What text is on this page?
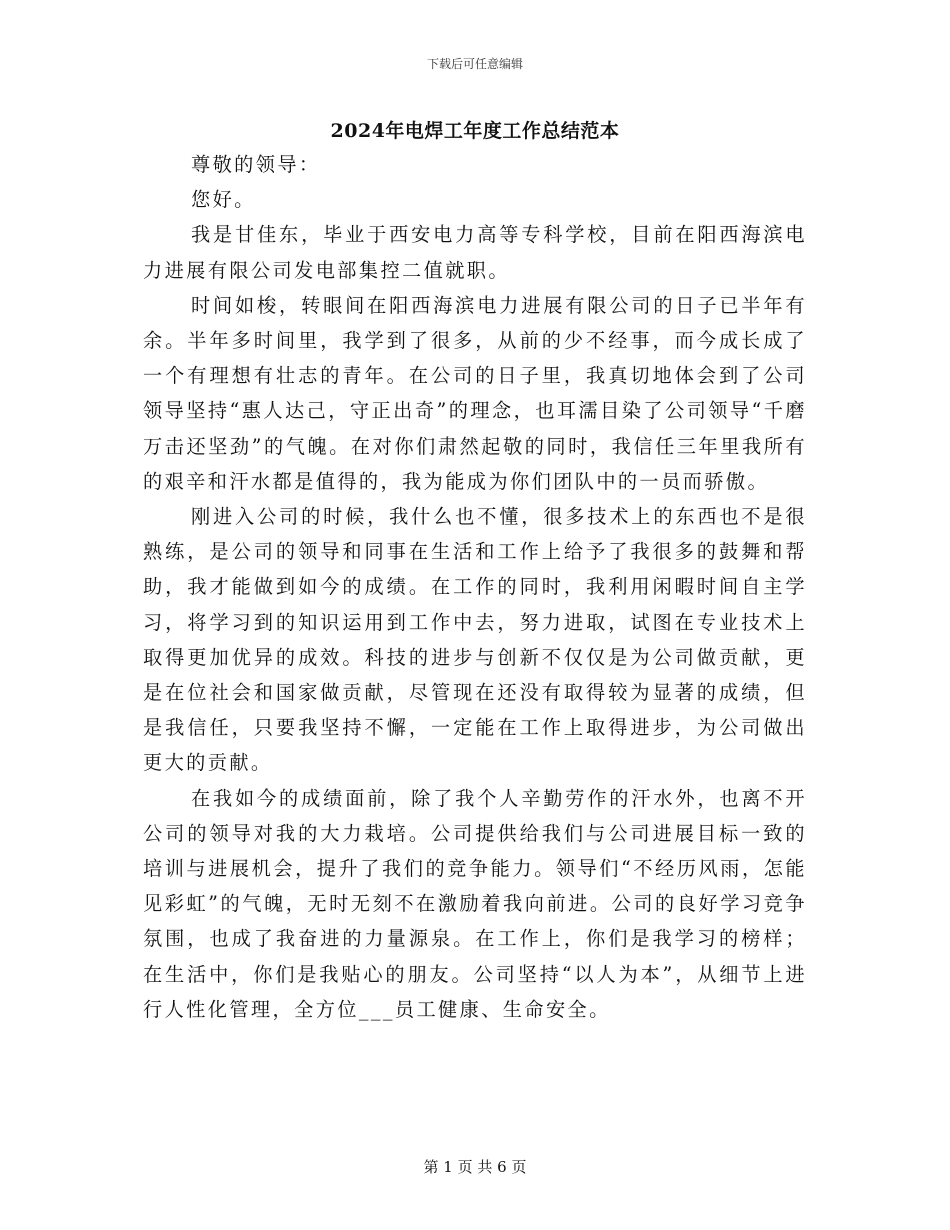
下载后可任意编辑
2024年电焊工年度工作总结范本

尊敬的领导：

您好。

我是甘佳东，毕业于西安电力高等专科学校，目前在阳西海滨电力进展有限公司发电部集控二值就职。

时间如梭，转眼间在阳西海滨电力进展有限公司的日子已半年有余。半年多时间里，我学到了很多，从前的少不经事，而今成长成了一个有理想有壮志的青年。在公司的日子里，我真切地体会到了公司领导坚持“惠人达己，守正出奇”的理念，也耳濡目染了公司领导“千磨万击还坚劲”的气魄。在对你们肃然起敬的同时，我信任三年里我所有的艰辛和汗水都是值得的，我为能成为你们团队中的一员而骄傲。

刚进入公司的时候，我什么也不懂，很多技术上的东西也不是很熟练，是公司的领导和同事在生活和工作上给予了我很多的鼓舞和帮助，我才能做到如今的成绩。在工作的同时，我利用闲暇时间自主学习，将学习到的知识运用到工作中去，努力进取，试图在专业技术上取得更加优异的成效。科技的进步与创新不仅仅是为公司做贡献，更是在位社会和国家做贡献，尽管现在还没有取得较为显著的成绩，但是我信任，只要我坚持不懈，一定能在工作上取得进步，为公司做出更大的贡献。

在我如今的成绩面前，除了我个人辛勤劳作的汗水外，也离不开公司的领导对我的大力栽培。公司提供给我们与公司进展目标一致的培训与进展机会，提升了我们的竞争能力。领导们“不经历风雨，怎能见彩虹”的气魄，无时无刻不在激励着我向前进。公司的良好学习竞争氛围，也成了我奋进的力量源泉。在工作上，你们是我学习的榜样；在生活中，你们是我贴心的朋友。公司坚持“以人为本”，从细节上进行人性化管理，全方位___员工健康、生命安全。

第 1 页 共 6 页
